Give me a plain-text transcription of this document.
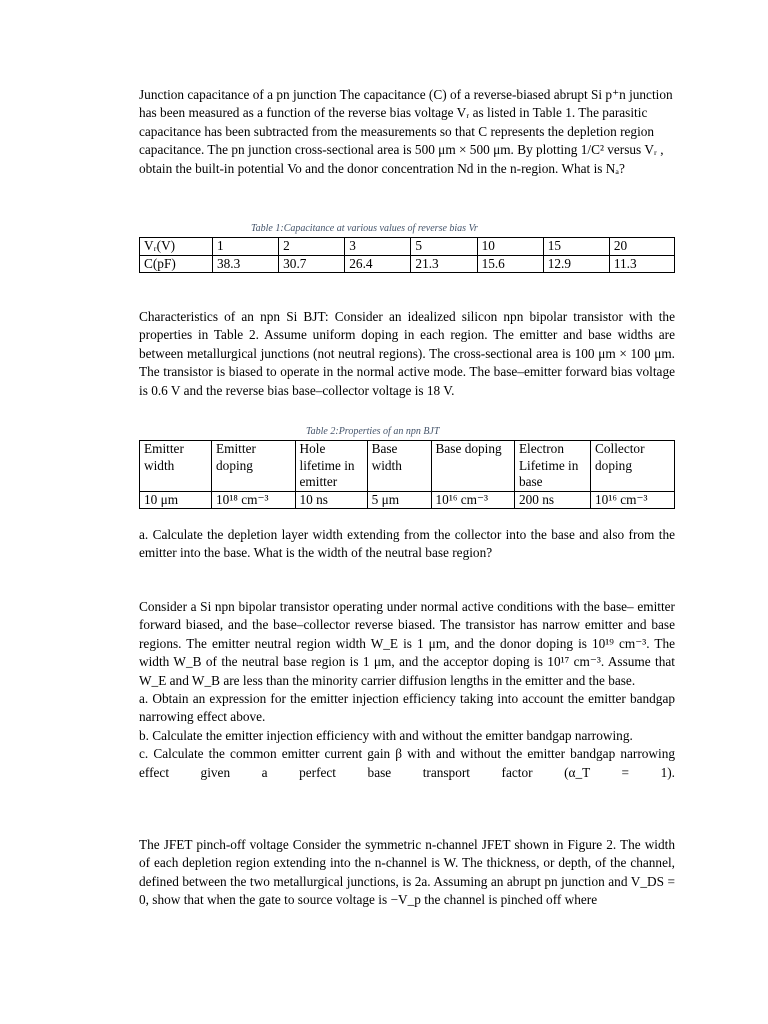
Junction capacitance of a pn junction The capacitance (C) of a reverse-biased abrupt Si p⁺n junction has been measured as a function of the reverse bias voltage Vᵣ as listed in Table 1. The parasitic capacitance has been subtracted from the measurements so that C represents the depletion region capacitance. The pn junction cross-sectional area is 500 μm × 500 μm. By plotting 1/C² versus Vᵣ , obtain the built-in potential Vo and the donor concentration Nd in the n-region. What is Nₐ?

Table 1:Capacitance at various values of reverse bias Vr
Vᵣ(V)	1	2	3	5	10	15	20
C(pF)	38.3	30.7	26.4	21.3	15.6	12.9	11.3

Characteristics of an npn Si BJT: Consider an idealized silicon npn bipolar transistor with the properties in Table 2. Assume uniform doping in each region. The emitter and base widths are between metallurgical junctions (not neutral regions). The cross-sectional area is 100 μm × 100 μm. The transistor is biased to operate in the normal active mode. The base–emitter forward bias voltage is 0.6 V and the reverse bias base–collector voltage is 18 V.

Table 2:Properties of an npn BJT
Emitter width	Emitter doping	Hole lifetime in emitter	Base width	Base doping	Electron Lifetime in base	Collector doping
10 μm	10¹⁸ cm⁻³	10 ns	5 μm	10¹⁶ cm⁻³	200 ns	10¹⁶ cm⁻³

a. Calculate the depletion layer width extending from the collector into the base and also from the emitter into the base. What is the width of the neutral base region?

Consider a Si npn bipolar transistor operating under normal active conditions with the base– emitter forward biased, and the base–collector reverse biased. The transistor has narrow emitter and base regions. The emitter neutral region width W_E is 1 μm, and the donor doping is 10¹⁹ cm⁻³. The width W_B of the neutral base region is 1 μm, and the acceptor doping is 10¹⁷ cm⁻³. Assume that W_E and W_B are less than the minority carrier diffusion lengths in the emitter and the base.

a. Obtain an expression for the emitter injection efficiency taking into account the emitter bandgap narrowing effect above.

b. Calculate the emitter injection efficiency with and without the emitter bandgap narrowing.

c. Calculate the common emitter current gain β with and without the emitter bandgap narrowing effect given a perfect base transport factor (α_T = 1).

The JFET pinch-off voltage Consider the symmetric n-channel JFET shown in Figure 2. The width of each depletion region extending into the n-channel is W. The thickness, or depth, of the channel, defined between the two metallurgical junctions, is 2a. Assuming an abrupt pn junction and V_DS = 0, show that when the gate to source voltage is −V_p the channel is pinched off where
